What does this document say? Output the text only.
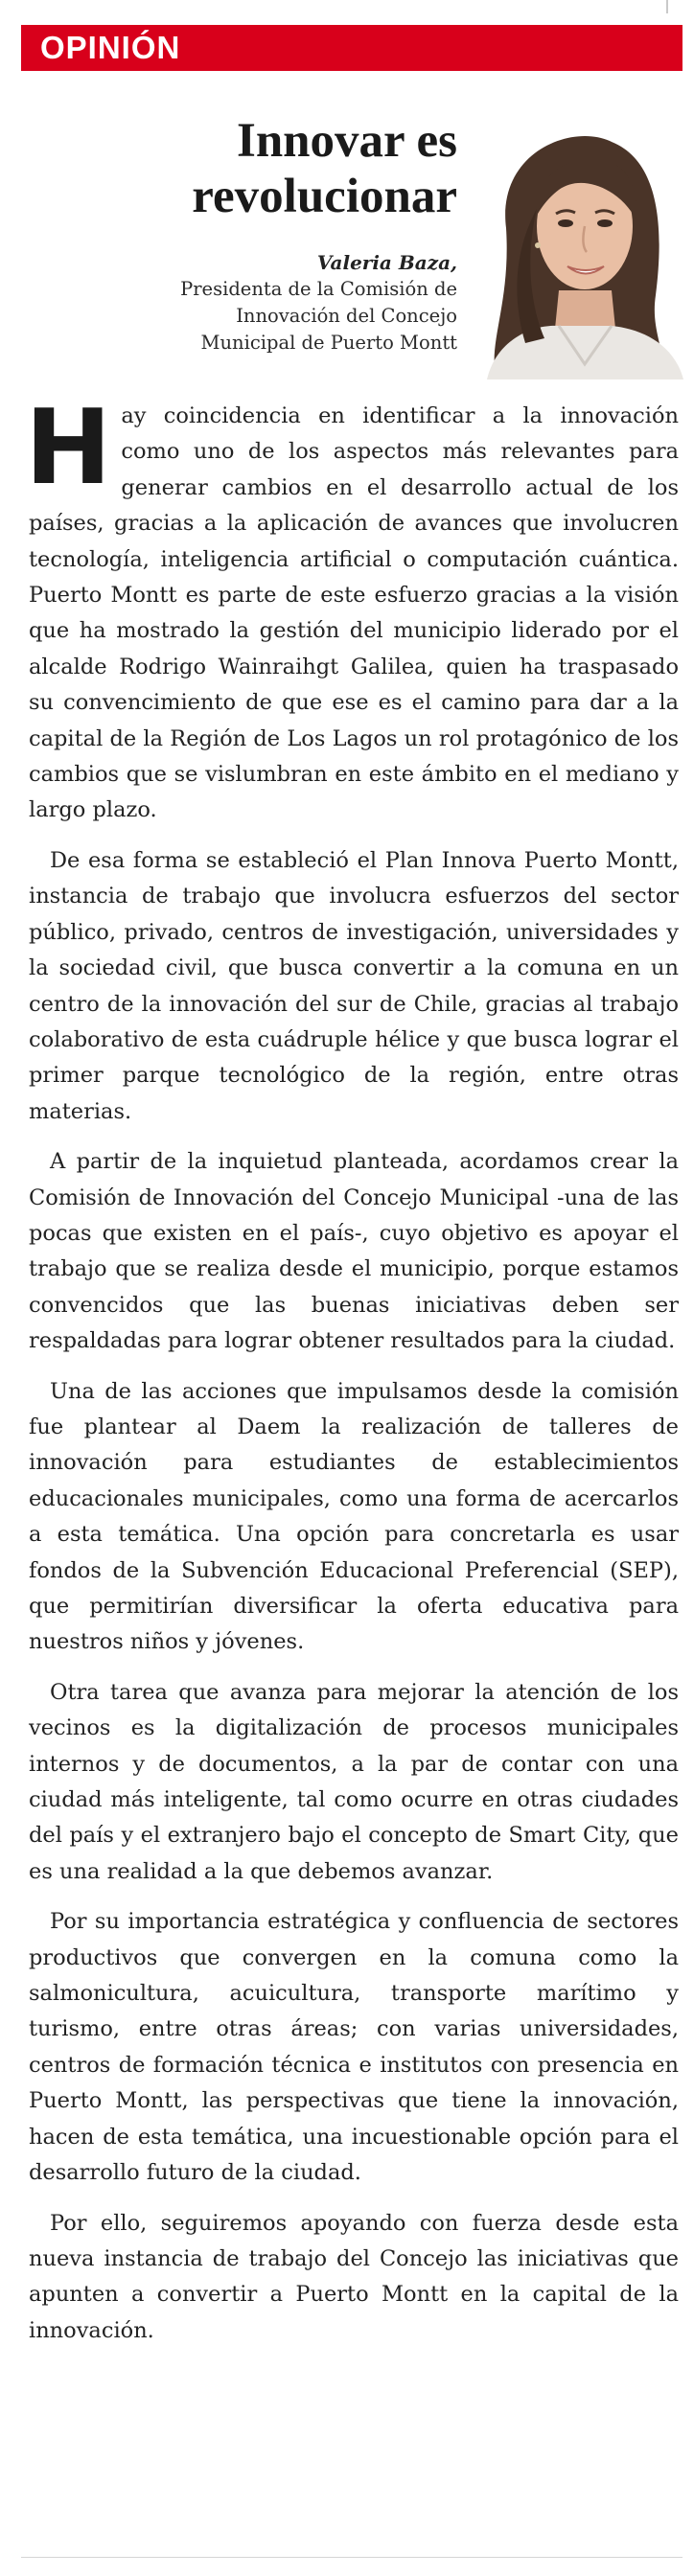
OPINIÓN
Innovar es
revolucionar
Valeria Baza,
Presidenta de la Comisión de
Innovación del Concejo
Municipal de Puerto Montt

Hay coincidencia en identificar a la innovación como uno de los aspectos más relevantes para generar cambios en el desarrollo actual de los países, gracias a la aplicación de avances que involucren tecnología, inteligencia artificial o computación cuántica. Puerto Montt es parte de este esfuerzo gracias a la visión que ha mostrado la gestión del municipio liderado por el alcalde Rodrigo Wainraihgt Galilea, quien ha traspasado su convencimiento de que ese es el camino para dar a la capital de la Región de Los Lagos un rol protagónico de los cambios que se vislumbran en este ámbito en el mediano y largo plazo.

De esa forma se estableció el Plan Innova Puerto Montt, instancia de trabajo que involucra esfuerzos del sector público, privado, centros de investigación, universidades y la sociedad civil, que busca convertir a la comuna en un centro de la innovación del sur de Chile, gracias al trabajo colaborativo de esta cuádruple hélice y que busca lograr el primer parque tecnológico de la región, entre otras materias.

A partir de la inquietud planteada, acordamos crear la Comisión de Innovación del Concejo Municipal -una de las pocas que existen en el país-, cuyo objetivo es apoyar el trabajo que se realiza desde el municipio, porque estamos convencidos que las buenas iniciativas deben ser respaldadas para lograr obtener resultados para la ciudad.

Una de las acciones que impulsamos desde la comisión fue plantear al Daem la realización de talleres de innovación para estudiantes de establecimientos educacionales municipales, como una forma de acercarlos a esta temática. Una opción para concretarla es usar fondos de la Subvención Educacional Preferencial (SEP), que permitirían diversificar la oferta educativa para nuestros niños y jóvenes.

Otra tarea que avanza para mejorar la atención de los vecinos es la digitalización de procesos municipales internos y de documentos, a la par de contar con una ciudad más inteligente, tal como ocurre en otras ciudades del país y el extranjero bajo el concepto de Smart City, que es una realidad a la que debemos avanzar.

Por su importancia estratégica y confluencia de sectores productivos que convergen en la comuna como la salmonicultura, acuicultura, transporte marítimo y turismo, entre otras áreas; con varias universidades, centros de formación técnica e institutos con presencia en Puerto Montt, las perspectivas que tiene la innovación, hacen de esta temática, una incuestionable opción para el desarrollo futuro de la ciudad.

Por ello, seguiremos apoyando con fuerza desde esta nueva instancia de trabajo del Concejo las iniciativas que apunten a convertir a Puerto Montt en la capital de la innovación.
